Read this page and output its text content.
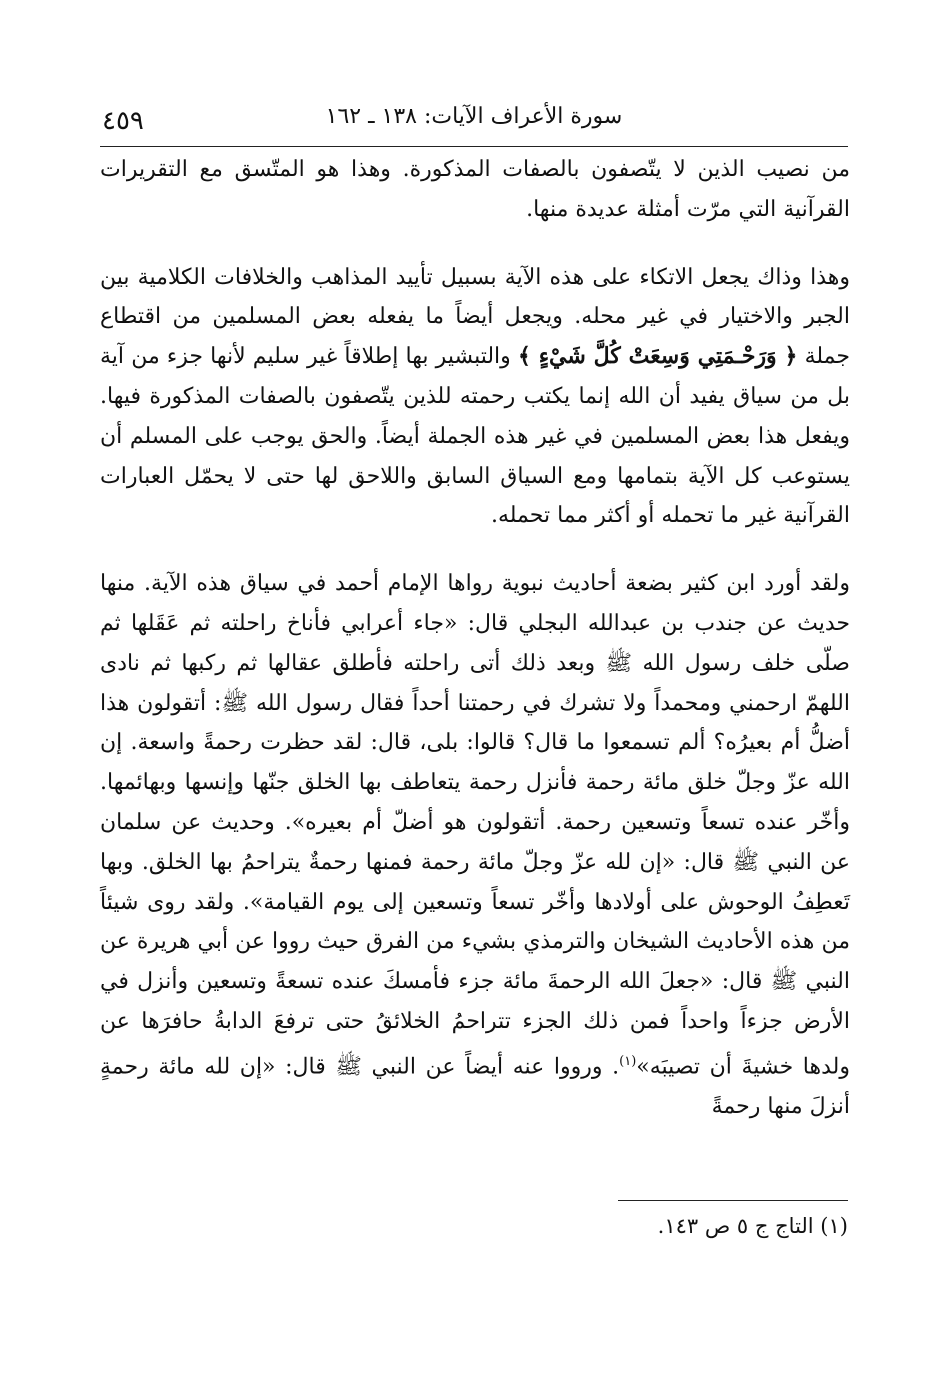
سورة الأعراف الآيات: ١٣٨ ـ ١٦٢
٤٥٩

من نصيب الذين لا يتّصفون بالصفات المذكورة. وهذا هو المتّسق مع التقريرات القرآنية التي مرّت أمثلة عديدة منها.

وهذا وذاك يجعل الاتكاء على هذه الآية بسبيل تأييد المذاهب والخلافات الكلامية بين الجبر والاختيار في غير محله. ويجعل أيضاً ما يفعله بعض المسلمين من اقتطاع جملة ﴿ وَرَحْـمَتِي وَسِعَتْ كُلَّ شَيْءٍ ﴾ والتبشير بها إطلاقاً غير سليم لأنها جزء من آية بل من سياق يفيد أن الله إنما يكتب رحمته للذين يتّصفون بالصفات المذكورة فيها. ويفعل هذا بعض المسلمين في غير هذه الجملة أيضاً. والحق يوجب على المسلم أن يستوعب كل الآية بتمامها ومع السياق السابق واللاحق لها حتى لا يحمّل العبارات القرآنية غير ما تحمله أو أكثر مما تحمله.

ولقد أورد ابن كثير بضعة أحاديث نبوية رواها الإمام أحمد في سياق هذه الآية. منها حديث عن جندب بن عبدالله البجلي قال: «جاء أعرابي فأناخ راحلته ثم عَقَلها ثم صلّى خلف رسول الله ﷺ وبعد ذلك أتى راحلته فأطلق عقالها ثم ركبها ثم نادى اللهمّ ارحمني ومحمداً ولا تشرك في رحمتنا أحداً فقال رسول الله ﷺ: أتقولون هذا أضلُّ أم بعيرُه؟ ألم تسمعوا ما قال؟ قالوا: بلى، قال: لقد حظرت رحمةً واسعة. إن الله عزّ وجلّ خلق مائة رحمة فأنزل رحمة يتعاطف بها الخلق جنّها وإنسها وبهائمها. وأخّر عنده تسعاً وتسعين رحمة. أتقولون هو أضلّ أم بعيره». وحديث عن سلمان عن النبي ﷺ قال: «إن لله عزّ وجلّ مائة رحمة فمنها رحمةٌ يتراحمُ بها الخلق. وبها تَعطِفُ الوحوش على أولادها وأخّر تسعاً وتسعين إلى يوم القيامة». ولقد روى شيئاً من هذه الأحاديث الشيخان والترمذي بشيء من الفرق حيث رووا عن أبي هريرة عن النبي ﷺ قال: «جعلَ الله الرحمةَ مائة جزء فأمسكَ عنده تسعةً وتسعين وأنزل في الأرض جزءاً واحداً فمن ذلك الجزء تتراحمُ الخلائقُ حتى ترفعَ الدابةُ حافرَها عن ولدها خشيةَ أن تصيبَه»$^{(١)}$. ورووا عنه أيضاً عن النبي ﷺ قال: «إن لله مائة رحمةٍ أنزلَ منها رحمةً

(١) التاج ج ٥ ص ١٤٣.
